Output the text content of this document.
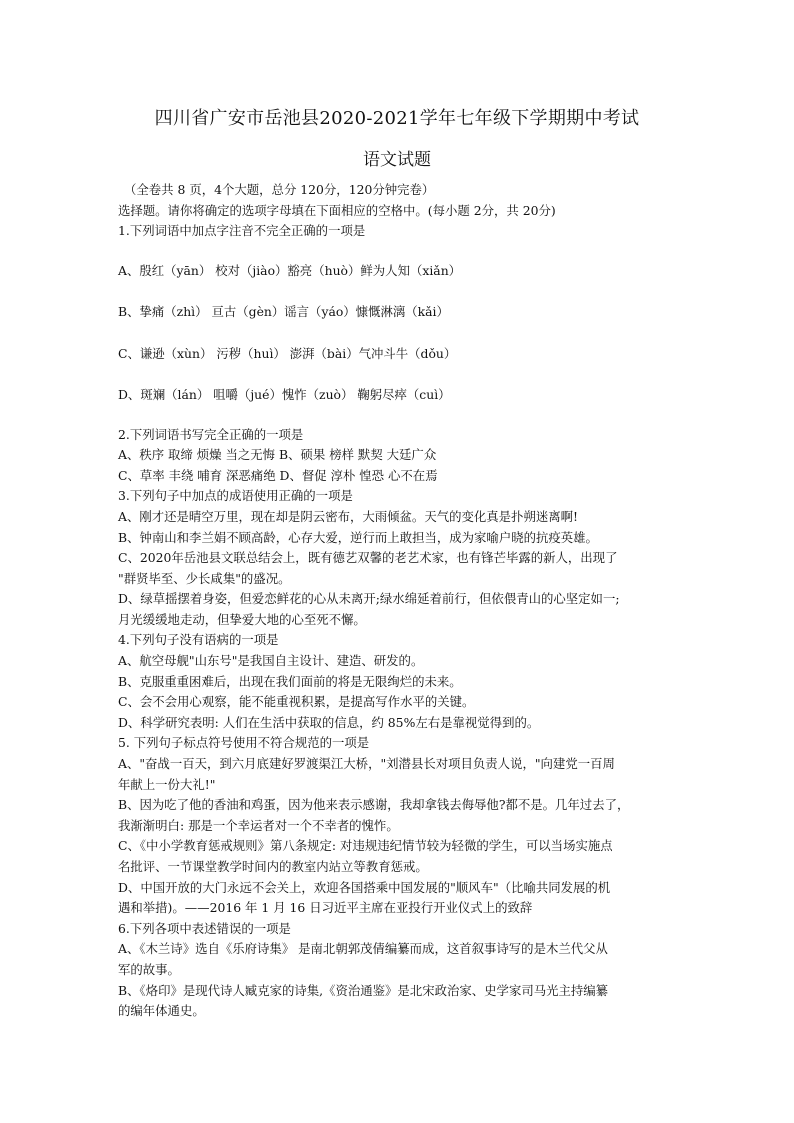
四川省广安市岳池县2020-2021学年七年级下学期期中考试
语文试题
（全卷共 8 页，4个大题，总分 120分，120分钟完卷）
选择题。请你将确定的选项字母填在下面相应的空格中。(每小题 2分，共 20分)
1.下列词语中加点字注音不完全正确的一项是
A、殷红（yān） 校对（jiào）豁亮（huò）鲜为人知（xiǎn）
B、挚痛（zhì） 亘古（gèn）谣言（yáo）慷慨淋漓（kǎi）
C、谦逊（xùn） 污秽（huì） 澎湃（bài）气冲斗牛（dǒu）
D、斑斓（lán） 咀嚼（jué）愧怍（zuò） 鞠躬尽瘁（cuì）
2.下列词语书写完全正确的一项是
A、秩序 取缔 烦燥 当之无悔 B、硕果 榜样 默契 大廷广众
C、草率 丰绕 哺育 深恶痛绝 D、督促 淳朴 惶恐 心不在焉
3.下列句子中加点的成语使用正确的一项是
A、刚才还是晴空万里，现在却是阴云密布，大雨倾盆。天气的变化真是扑朔迷离啊!
B、钟南山和李兰娟不顾高龄，心存大爱，逆行而上敢担当，成为家喻户晓的抗疫英雄。
C、2020年岳池县文联总结会上，既有德艺双馨的老艺术家，也有锋芒毕露的新人，出现了
"群贤毕至、少长咸集"的盛况。
D、绿草摇摆着身姿，但爱恋鲜花的心从未离开;绿水绵延着前行，但依偎青山的心坚定如一;
月光缓缓地走动，但挚爱大地的心至死不懈。
4.下列句子没有语病的一项是
A、航空母舰"山东号"是我国自主设计、建造、研发的。
B、克服重重困难后，出现在我们面前的将是无限绚烂的未来。
C、会不会用心观察，能不能重视积累，是提高写作水平的关键。
D、科学研究表明: 人们在生活中获取的信息，约 85%左右是靠视觉得到的。
5. 下列句子标点符号使用不符合规范的一项是
A、"奋战一百天，到六月底建好罗渡渠江大桥，"刘潜县长对项目负责人说，"向建党一百周
年献上一份大礼!"
B、因为吃了他的香油和鸡蛋，因为他来表示感谢，我却拿钱去侮辱他?都不是。几年过去了，
我渐渐明白: 那是一个幸运者对一个不幸者的愧怍。
C、《中小学教育惩戒规则》第八条规定: 对违规违纪情节较为轻微的学生，可以当场实施点
名批评、一节课堂教学时间内的教室内站立等教育惩戒。
D、中国开放的大门永远不会关上，欢迎各国搭乘中国发展的"顺风车"（比喻共同发展的机
遇和举措)。——2016 年 1 月 16 日习近平主席在亚投行开业仪式上的致辞
6.下列各项中表述错误的一项是
A、《木兰诗》选自《乐府诗集》 是南北朝郭茂倩编纂而成，这首叙事诗写的是木兰代父从
军的故事。
B、《烙印》是现代诗人臧克家的诗集,《资治通鉴》是北宋政治家、史学家司马光主持编纂
的编年体通史。
